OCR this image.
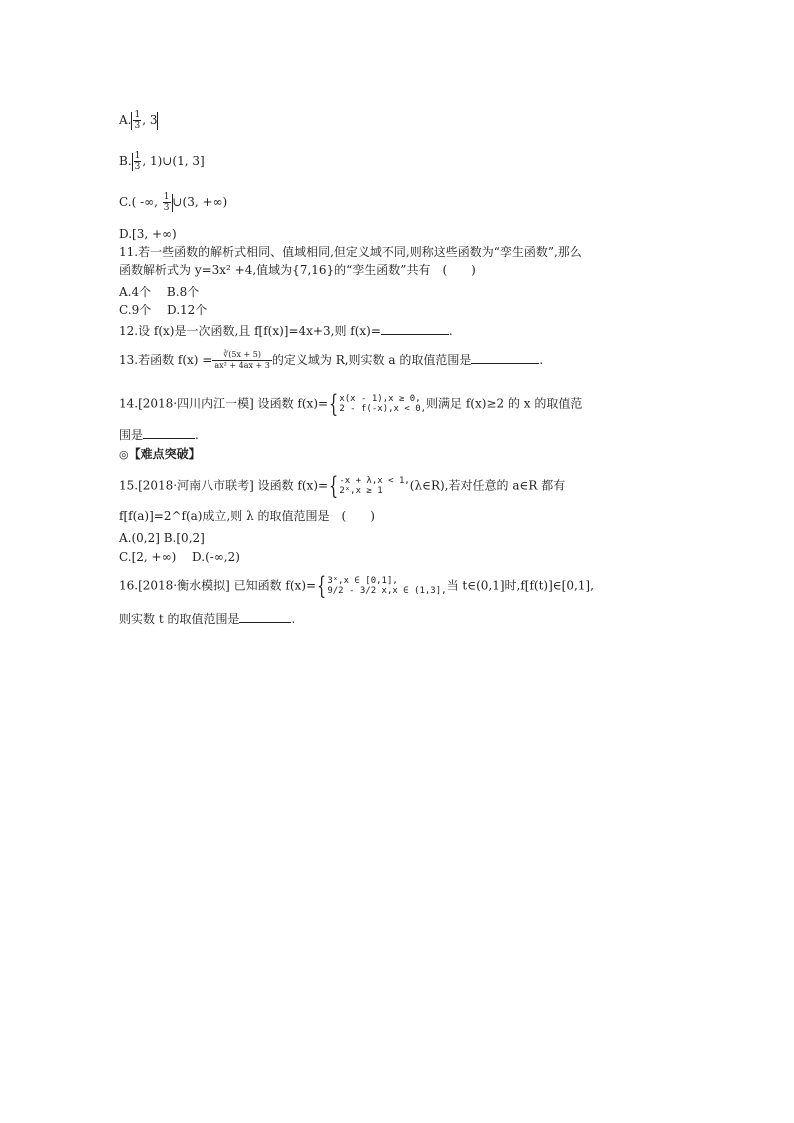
A. $\frac{1}{3}$ , 3
B. $\frac{1}{3}$ , 1)∪(1, 3]
C.( -∞, $\frac{1}{3}$ ∪(3, +∞)
D.[3, +∞)
11.若一些函数的解析式相同、值域相同,但定义域不同,则称这些函数为“孪生函数”,那么
函数解析式为 y=3x² +4,值域为{7,16}的“孪生函数”共有　(　　)
A.4个　 B.8个
C.9个　 D.12个
12.设 f(x)是一次函数,且 f[f(x)]=4x+3,则 f(x)=	.
13.若函数 $f(x) = \frac{∛(5x + 5)}{\text{ax² + 4ax + 3}}$ 的定义域为 R,则实数 a 的取值范围是	.
14.[2018·四川内江一模] 设函数 f(x)={ x(x - 1),x ≥ 0,
2 - f(-x),x < 0, 则满足 f(x)≥2 的 x 的取值范
围是	.
◎【难点突破】
15.[2018·河南八市联考] 设函数 f(x)={ -x + λ,x < 1,
2ˣ,x ≥ 1	(λ∈R),若对任意的 a∈R 都有
f[f(a)]=2^f(a)成立,则 λ 的取值范围是　(　　)
A.(0,2] B.[0,2]
C.[2, +∞)　 D.(-∞,2)
16.[2018·衡水模拟] 已知函数 f(x)={ 3ˣ,x ∈ [0,1],
9/2 - 3/2 x,x ∈ (1,3], 当 t∈(0,1]时,f[f(t)]∈[0,1],
则实数 t 的取值范围是	.
